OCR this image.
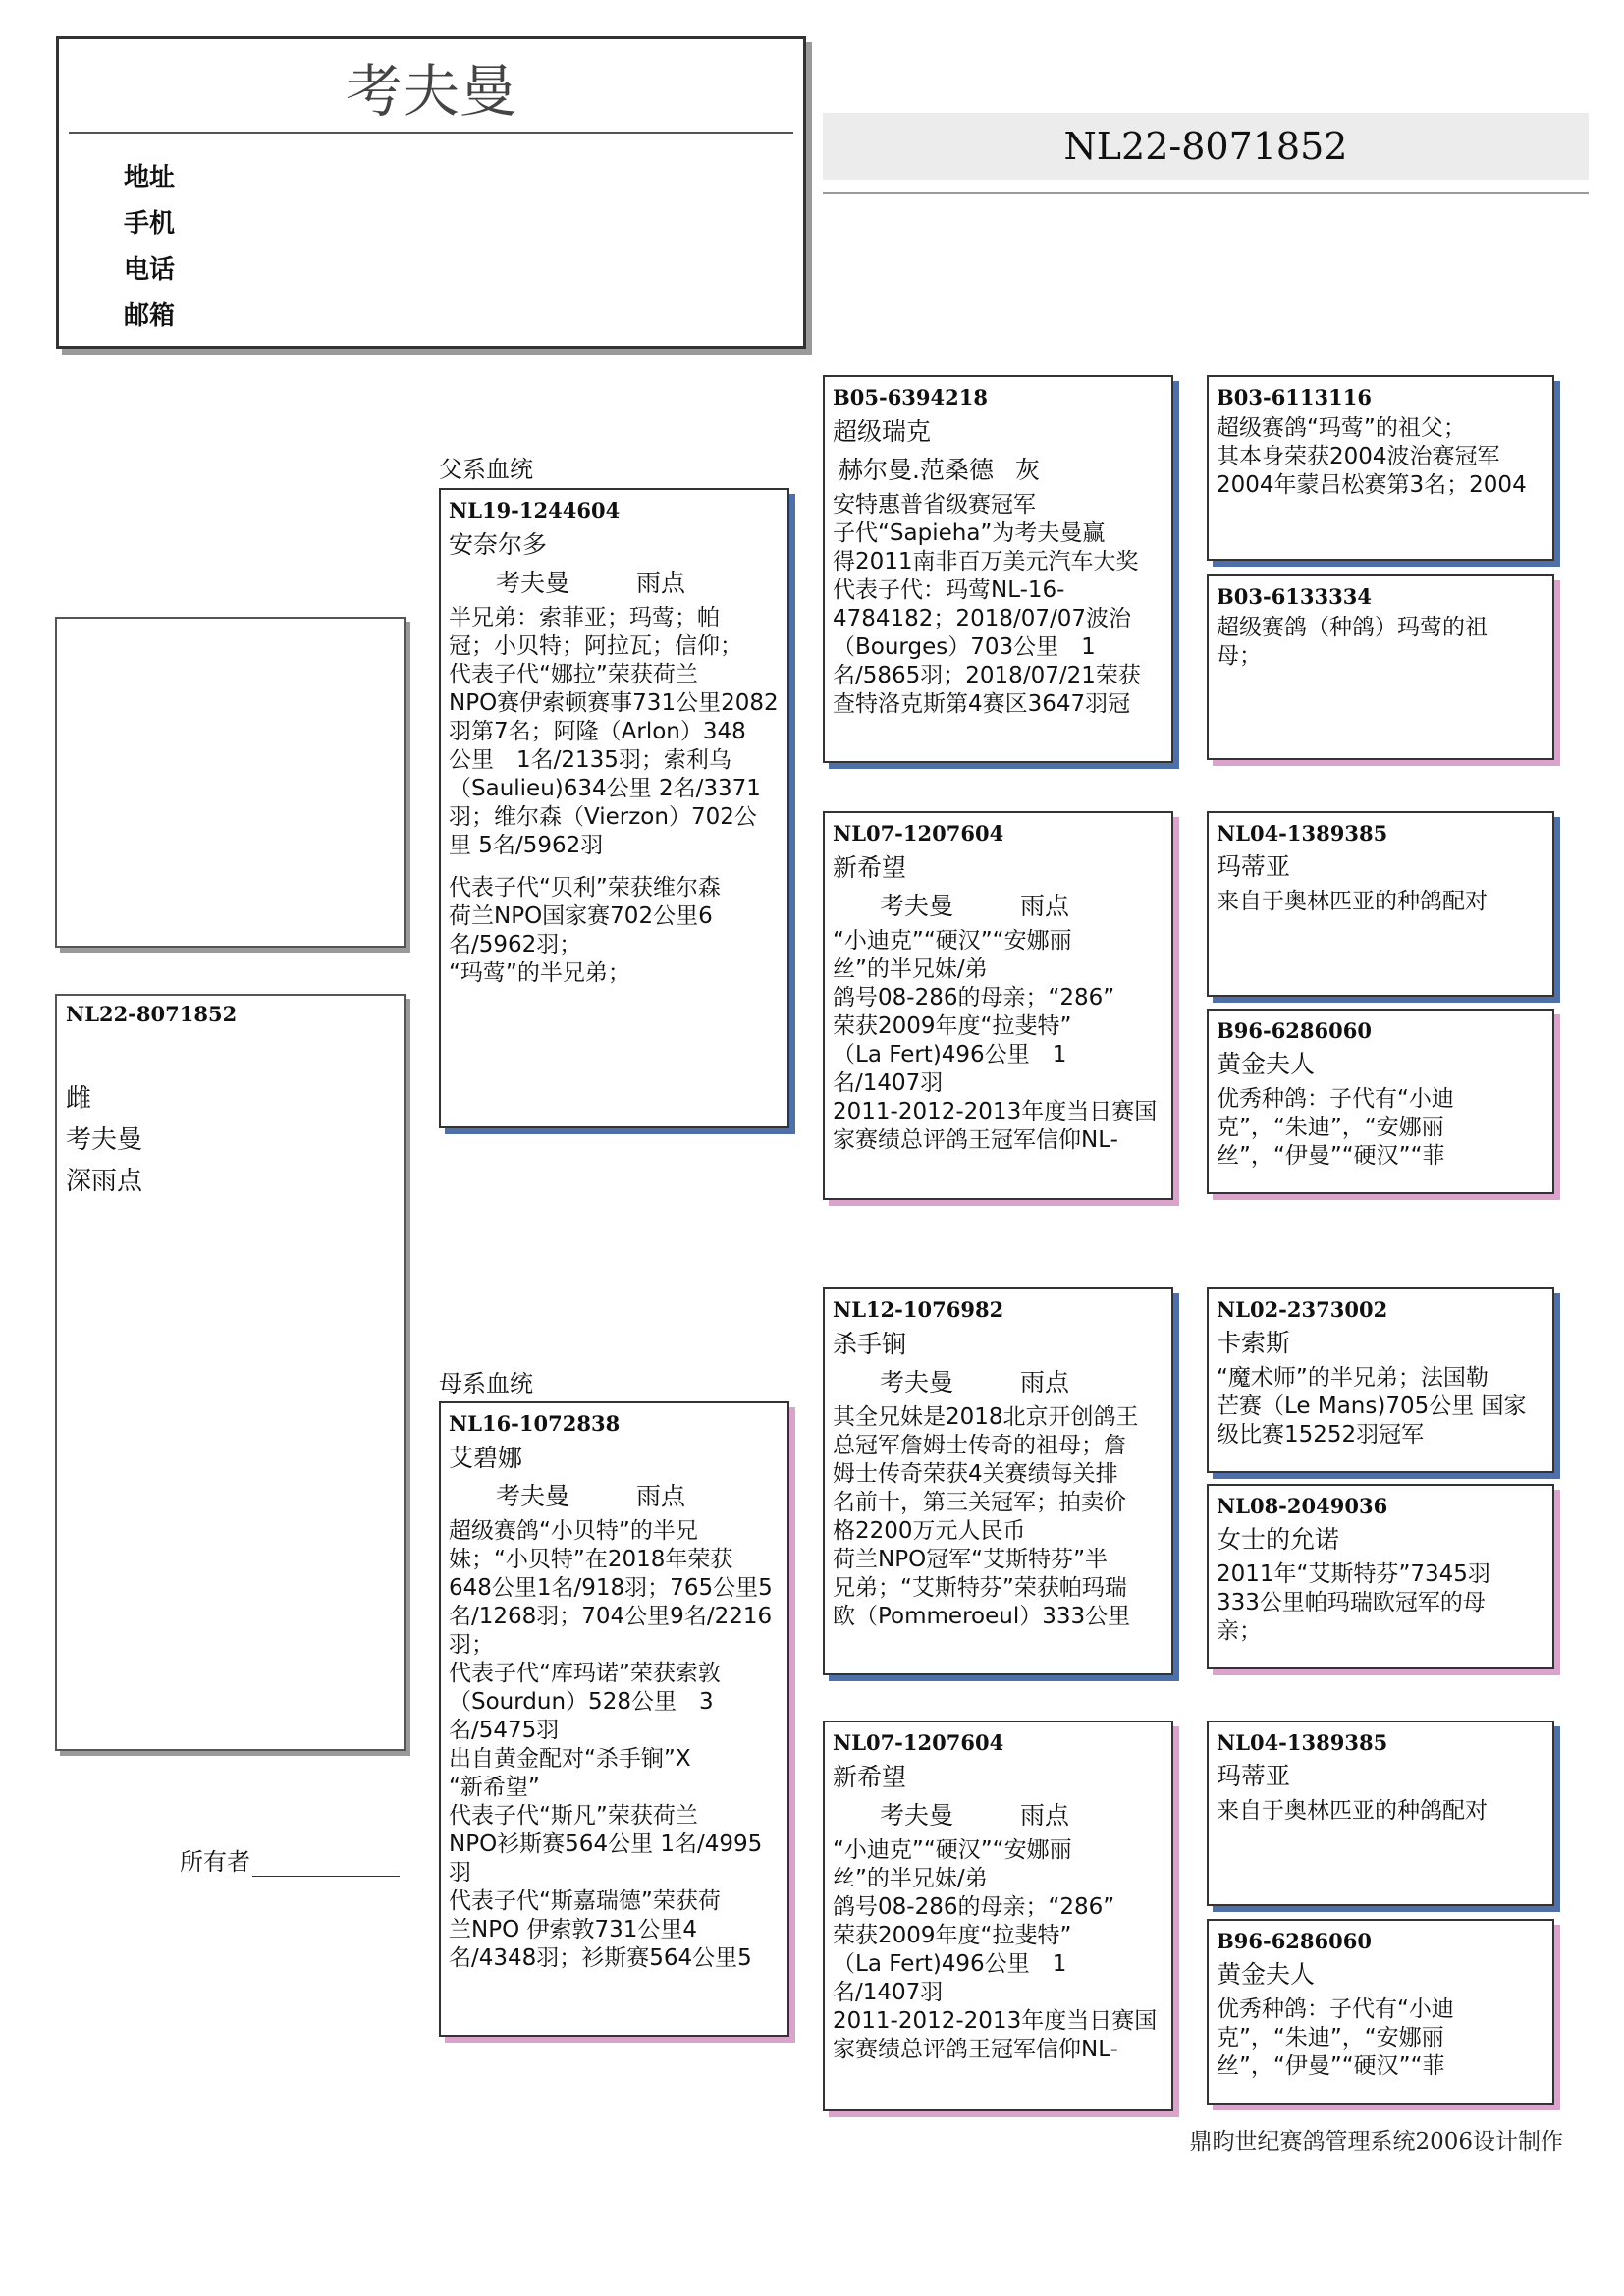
考夫曼
地址
手机
电话
邮箱
NL22-8071852
NL22-8071852
雌
考夫曼
深雨点
所有者
父系血统
母系血统
NL19-1244604
安奈尔多
考夫曼	雨点
半兄弟：索菲亚；玛莺；帕
冠；小贝特；阿拉瓦；信仰；
代表子代“娜拉”荣获荷兰
NPO赛伊索顿赛事731公里2082
羽第7名；阿隆（Arlon）348
公里　1名/2135羽；索利乌
（Saulieu)634公里 2名/3371
羽；维尔森（Vierzon）702公
里 5名/5962羽
代表子代“贝利”荣获维尔森
荷兰NPO国家赛702公里6
名/5962羽；
“玛莺”的半兄弟；
NL16-1072838
艾碧娜
考夫曼	雨点
超级赛鸽“小贝特”的半兄
妹；“小贝特”在2018年荣获
648公里1名/918羽；765公里5
名/1268羽；704公里9名/2216
羽；
代表子代“库玛诺”荣获索敦
（Sourdun）528公里　3
名/5475羽
出自黄金配对“杀手锏”X
“新希望”
代表子代“斯凡”荣获荷兰
NPO衫斯赛564公里 1名/4995
羽
代表子代“斯嘉瑞德”荣获荷
兰NPO 伊索敦731公里4
名/4348羽；衫斯赛564公里5
B05-6394218
超级瑞克
赫尔曼.范桑德 灰
安特惠普省级赛冠军
子代“Sapieha”为考夫曼赢
得2011南非百万美元汽车大奖
代表子代：玛莺NL-16-
4784182；2018/07/07波治
（Bourges）703公里　1
名/5865羽；2018/07/21荣获
查特洛克斯第4赛区3647羽冠
NL07-1207604
新希望
考夫曼	雨点
“小迪克”“硬汉”“安娜丽
丝”的半兄妹/弟
鸽号08-286的母亲；“286”
荣获2009年度“拉斐特”
（La Fert)496公里　1
名/1407羽
2011-2012-2013年度当日赛国
家赛绩总评鸽王冠军信仰NL-
NL12-1076982
杀手锏
考夫曼	雨点
其全兄妹是2018北京开创鸽王
总冠军詹姆士传奇的祖母；詹
姆士传奇荣获4关赛绩每关排
名前十，第三关冠军；拍卖价
格2200万元人民币
荷兰NPO冠军“艾斯特芬”半
兄弟；“艾斯特芬”荣获帕玛瑞
欧（Pommeroeul）333公里
NL07-1207604
新希望
考夫曼	雨点
“小迪克”“硬汉”“安娜丽
丝”的半兄妹/弟
鸽号08-286的母亲；“286”
荣获2009年度“拉斐特”
（La Fert)496公里　1
名/1407羽
2011-2012-2013年度当日赛国
家赛绩总评鸽王冠军信仰NL-
B03-6113116
超级赛鸽“玛莺”的祖父；
其本身荣获2004波治赛冠军
2004年蒙吕松赛第3名；2004
B03-6133334
超级赛鸽（种鸽）玛莺的祖
母；
NL04-1389385
玛蒂亚
来自于奥林匹亚的种鸽配对
B96-6286060
黄金夫人
优秀种鸽：子代有“小迪
克”，“朱迪”，“安娜丽
丝”，“伊曼”“硬汉”“菲
NL02-2373002
卡索斯
“魔术师”的半兄弟；法国勒
芒赛（Le Mans)705公里 国家
级比赛15252羽冠军
NL08-2049036
女士的允诺
2011年“艾斯特芬”7345羽
333公里帕玛瑞欧冠军的母
亲；
NL04-1389385
玛蒂亚
来自于奥林匹亚的种鸽配对
B96-6286060
黄金夫人
优秀种鸽：子代有“小迪
克”，“朱迪”，“安娜丽
丝”，“伊曼”“硬汉”“菲
鼎昀世纪赛鸽管理系统2006设计制作
